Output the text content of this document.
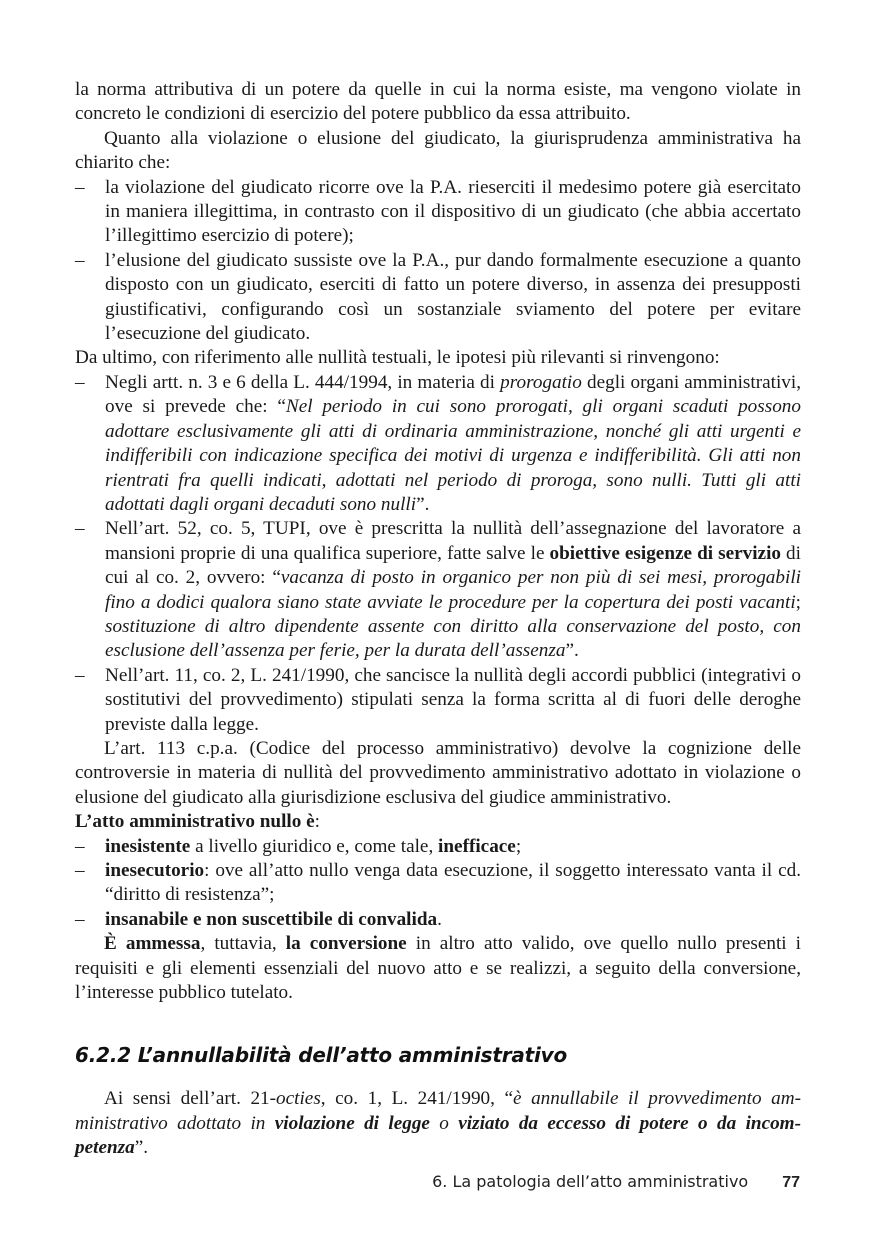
la norma attributiva di un potere da quelle in cui la norma esiste, ma vengono violate in concreto le condizioni di esercizio del potere pubblico da essa attribuito.

Quanto alla violazione o elusione del giudicato, la giurisprudenza amministrativa ha chiarito che:

– la violazione del giudicato ricorre ove la P.A. rieserciti il medesimo potere già esercitato in maniera illegittima, in contrasto con il dispositivo di un giudicato (che abbia accertato l’illegittimo esercizio di potere);

– l’elusione del giudicato sussiste ove la P.A., pur dando formalmente esecuzione a quanto disposto con un giudicato, eserciti di fatto un potere diverso, in assenza dei presupposti giustificativi, configurando così un sostanziale sviamento del potere per evitare l’esecuzione del giudicato.

Da ultimo, con riferimento alle nullità testuali, le ipotesi più rilevanti si rinvengono:

– Negli artt. n. 3 e 6 della L. 444/1994, in materia di prorogatio degli organi amministrativi, ove si prevede che: “Nel periodo in cui sono prorogati, gli organi scaduti possono adottare esclusivamente gli atti di ordinaria amministrazione, nonché gli atti urgenti e indifferibili con indicazione specifica dei motivi di urgenza e indifferibilità. Gli atti non rientrati fra quelli indicati, adottati nel periodo di proroga, sono nulli. Tutti gli atti adottati dagli organi decaduti sono nulli”.

– Nell’art. 52, co. 5, TUPI, ove è prescritta la nullità dell’assegnazione del lavoratore a mansioni proprie di una qualifica superiore, fatte salve le obiettive esigenze di servizio di cui al co. 2, ovvero: “vacanza di posto in organico per non più di sei mesi, prorogabili fino a dodici qualora siano state avviate le procedure per la copertura dei posti vacanti; sostituzione di altro dipendente assente con diritto alla conservazione del posto, con esclusione dell’assenza per ferie, per la durata dell’assenza”.

– Nell’art. 11, co. 2, L. 241/1990, che sancisce la nullità degli accordi pubblici (integrativi o sostitutivi del provvedimento) stipulati senza la forma scritta al di fuori delle deroghe previste dalla legge.

L’art. 113 c.p.a. (Codice del processo amministrativo) devolve la cognizione delle controversie in materia di nullità del provvedimento amministrativo adottato in violazione o elusione del giudicato alla giurisdizione esclusiva del giudice amministrativo.

L’atto amministrativo nullo è:

– inesistente a livello giuridico e, come tale, inefficace;

– inesecutorio: ove all’atto nullo venga data esecuzione, il soggetto interessato vanta il cd. “diritto di resistenza”;

– insanabile e non suscettibile di convalida.

È ammessa, tuttavia, la conversione in altro atto valido, ove quello nullo presenti i requisiti e gli elementi essenziali del nuovo atto e se realizzi, a seguito della conversione, l’interesse pubblico tutelato.

6.2.2 L’annullabilità dell’atto amministrativo

Ai sensi dell’art. 21-octies, co. 1, L. 241/1990, “è annullabile il provvedimento amministrativo adottato in violazione di legge o viziato da eccesso di potere o da incompetenza”.

6. La patologia dell’atto amministrativo 77
